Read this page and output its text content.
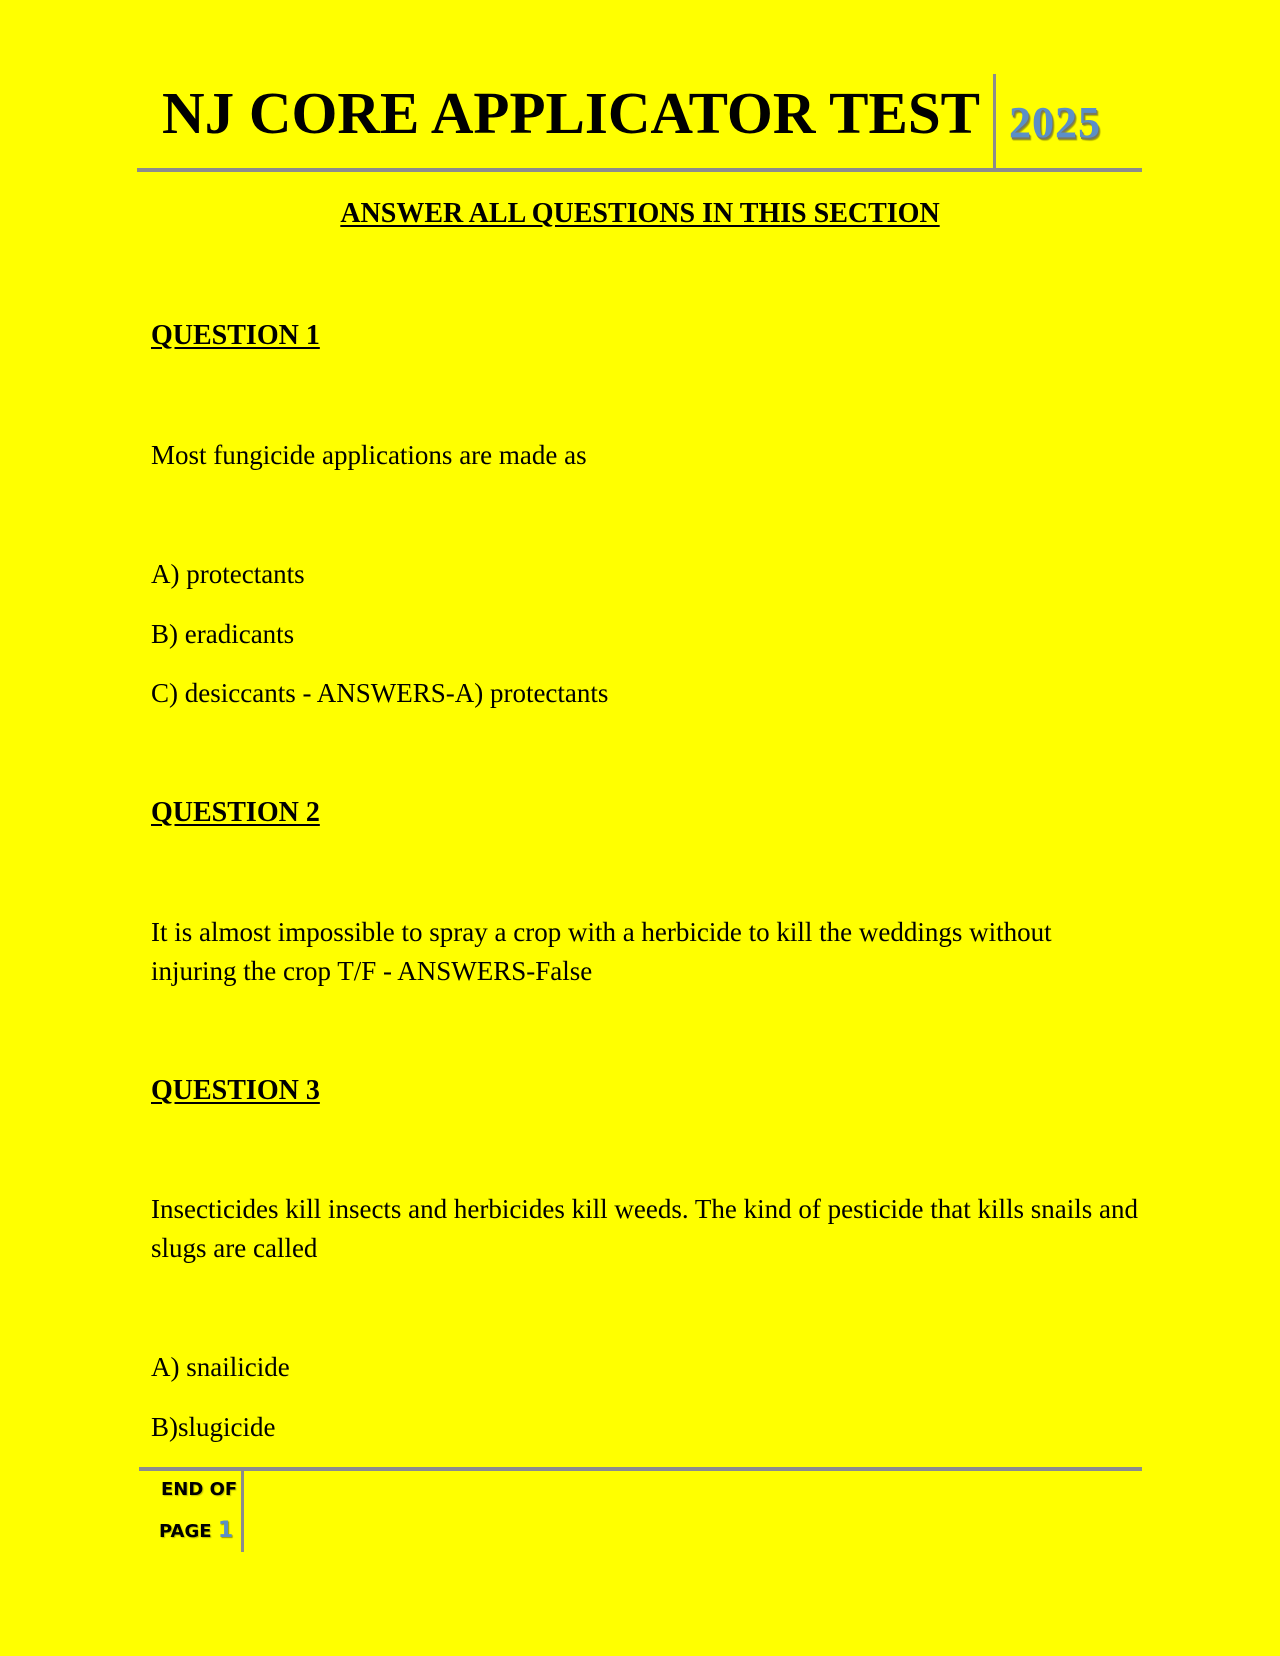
NJ CORE APPLICATOR TEST 2025
ANSWER ALL QUESTIONS IN THIS SECTION
QUESTION 1
Most fungicide applications are made as
A) protectants
B) eradicants
C) desiccants - ANSWERS-A) protectants
QUESTION 2
It is almost impossible to spray a crop with a herbicide to kill the weddings without injuring the crop T/F - ANSWERS-False
QUESTION 3
Insecticides kill insects and herbicides kill weeds. The kind of pesticide that kills snails and slugs are called
A) snailicide
B)slugicide
END OF
PAGE 1
